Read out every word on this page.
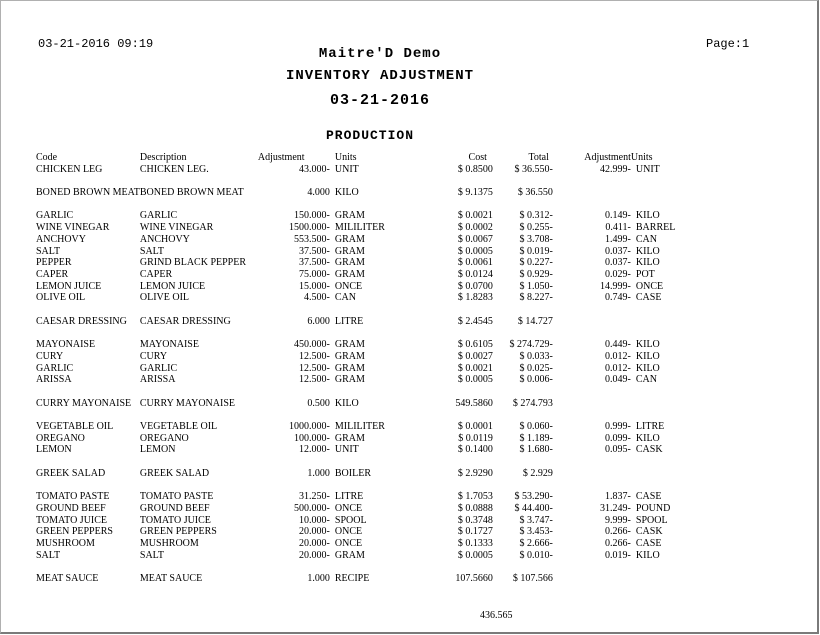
03-21-2016 09:19	Page:1
Maitre'D Demo
INVENTORY ADJUSTMENT
03-21-2016
PRODUCTION
Code	Description	Adjustment	Units	Cost	Total	Adjustment	Units
CHICKEN LEG	CHICKEN LEG.	43.000-	UNIT	$ 0.8500	$ 36.550-	42.999-	UNIT

BONED BROWN MEAT	BONED BROWN MEAT	4.000	KILO	$ 9.1375	$ 36.550		

GARLIC	GARLIC	150.000-	GRAM	$ 0.0021	$ 0.312-	0.149-	KILO
WINE VINEGAR	WINE VINEGAR	1500.000-	MILILITER	$ 0.0002	$ 0.255-	0.411-	BARREL
ANCHOVY	ANCHOVY	553.500-	GRAM	$ 0.0067	$ 3.708-	1.499-	CAN
SALT	SALT	37.500-	GRAM	$ 0.0005	$ 0.019-	0.037-	KILO
PEPPER	GRIND BLACK PEPPER	37.500-	GRAM	$ 0.0061	$ 0.227-	0.037-	KILO
CAPER	CAPER	75.000-	GRAM	$ 0.0124	$ 0.929-	0.029-	POT
LEMON JUICE	LEMON JUICE	15.000-	ONCE	$ 0.0700	$ 1.050-	14.999-	ONCE
OLIVE OIL	OLIVE OIL	4.500-	CAN	$ 1.8283	$ 8.227-	0.749-	CASE

CAESAR DRESSING	CAESAR DRESSING	6.000	LITRE	$ 2.4545	$ 14.727		

MAYONAISE	MAYONAISE	450.000-	GRAM	$ 0.6105	$ 274.729-	0.449-	KILO
CURY	CURY	12.500-	GRAM	$ 0.0027	$ 0.033-	0.012-	KILO
GARLIC	GARLIC	12.500-	GRAM	$ 0.0021	$ 0.025-	0.012-	KILO
ARISSA	ARISSA	12.500-	GRAM	$ 0.0005	$ 0.006-	0.049-	CAN

CURRY MAYONAISE	CURRY MAYONAISE	0.500	KILO	549.5860	$ 274.793		

VEGETABLE OIL	VEGETABLE OIL	1000.000-	MILILITER	$ 0.0001	$ 0.060-	0.999-	LITRE
OREGANO	OREGANO	100.000-	GRAM	$ 0.0119	$ 1.189-	0.099-	KILO
LEMON	LEMON	12.000-	UNIT	$ 0.1400	$ 1.680-	0.095-	CASK

GREEK SALAD	GREEK SALAD	1.000	BOILER	$ 2.9290	$ 2.929		

TOMATO PASTE	TOMATO PASTE	31.250-	LITRE	$ 1.7053	$ 53.290-	1.837-	CASE
GROUND BEEF	GROUND BEEF	500.000-	ONCE	$ 0.0888	$ 44.400-	31.249-	POUND
TOMATO JUICE	TOMATO JUICE	10.000-	SPOOL	$ 0.3748	$ 3.747-	9.999-	SPOOL
GREEN PEPPERS	GREEN PEPPERS	20.000-	ONCE	$ 0.1727	$ 3.453-	0.266-	CASK
MUSHROOM	MUSHROOM	20.000-	ONCE	$ 0.1333	$ 2.666-	0.266-	CASE
SALT	SALT	20.000-	GRAM	$ 0.0005	$ 0.010-	0.019-	KILO

MEAT SAUCE	MEAT SAUCE	1.000	RECIPE	107.5660	$ 107.566		
436.565
